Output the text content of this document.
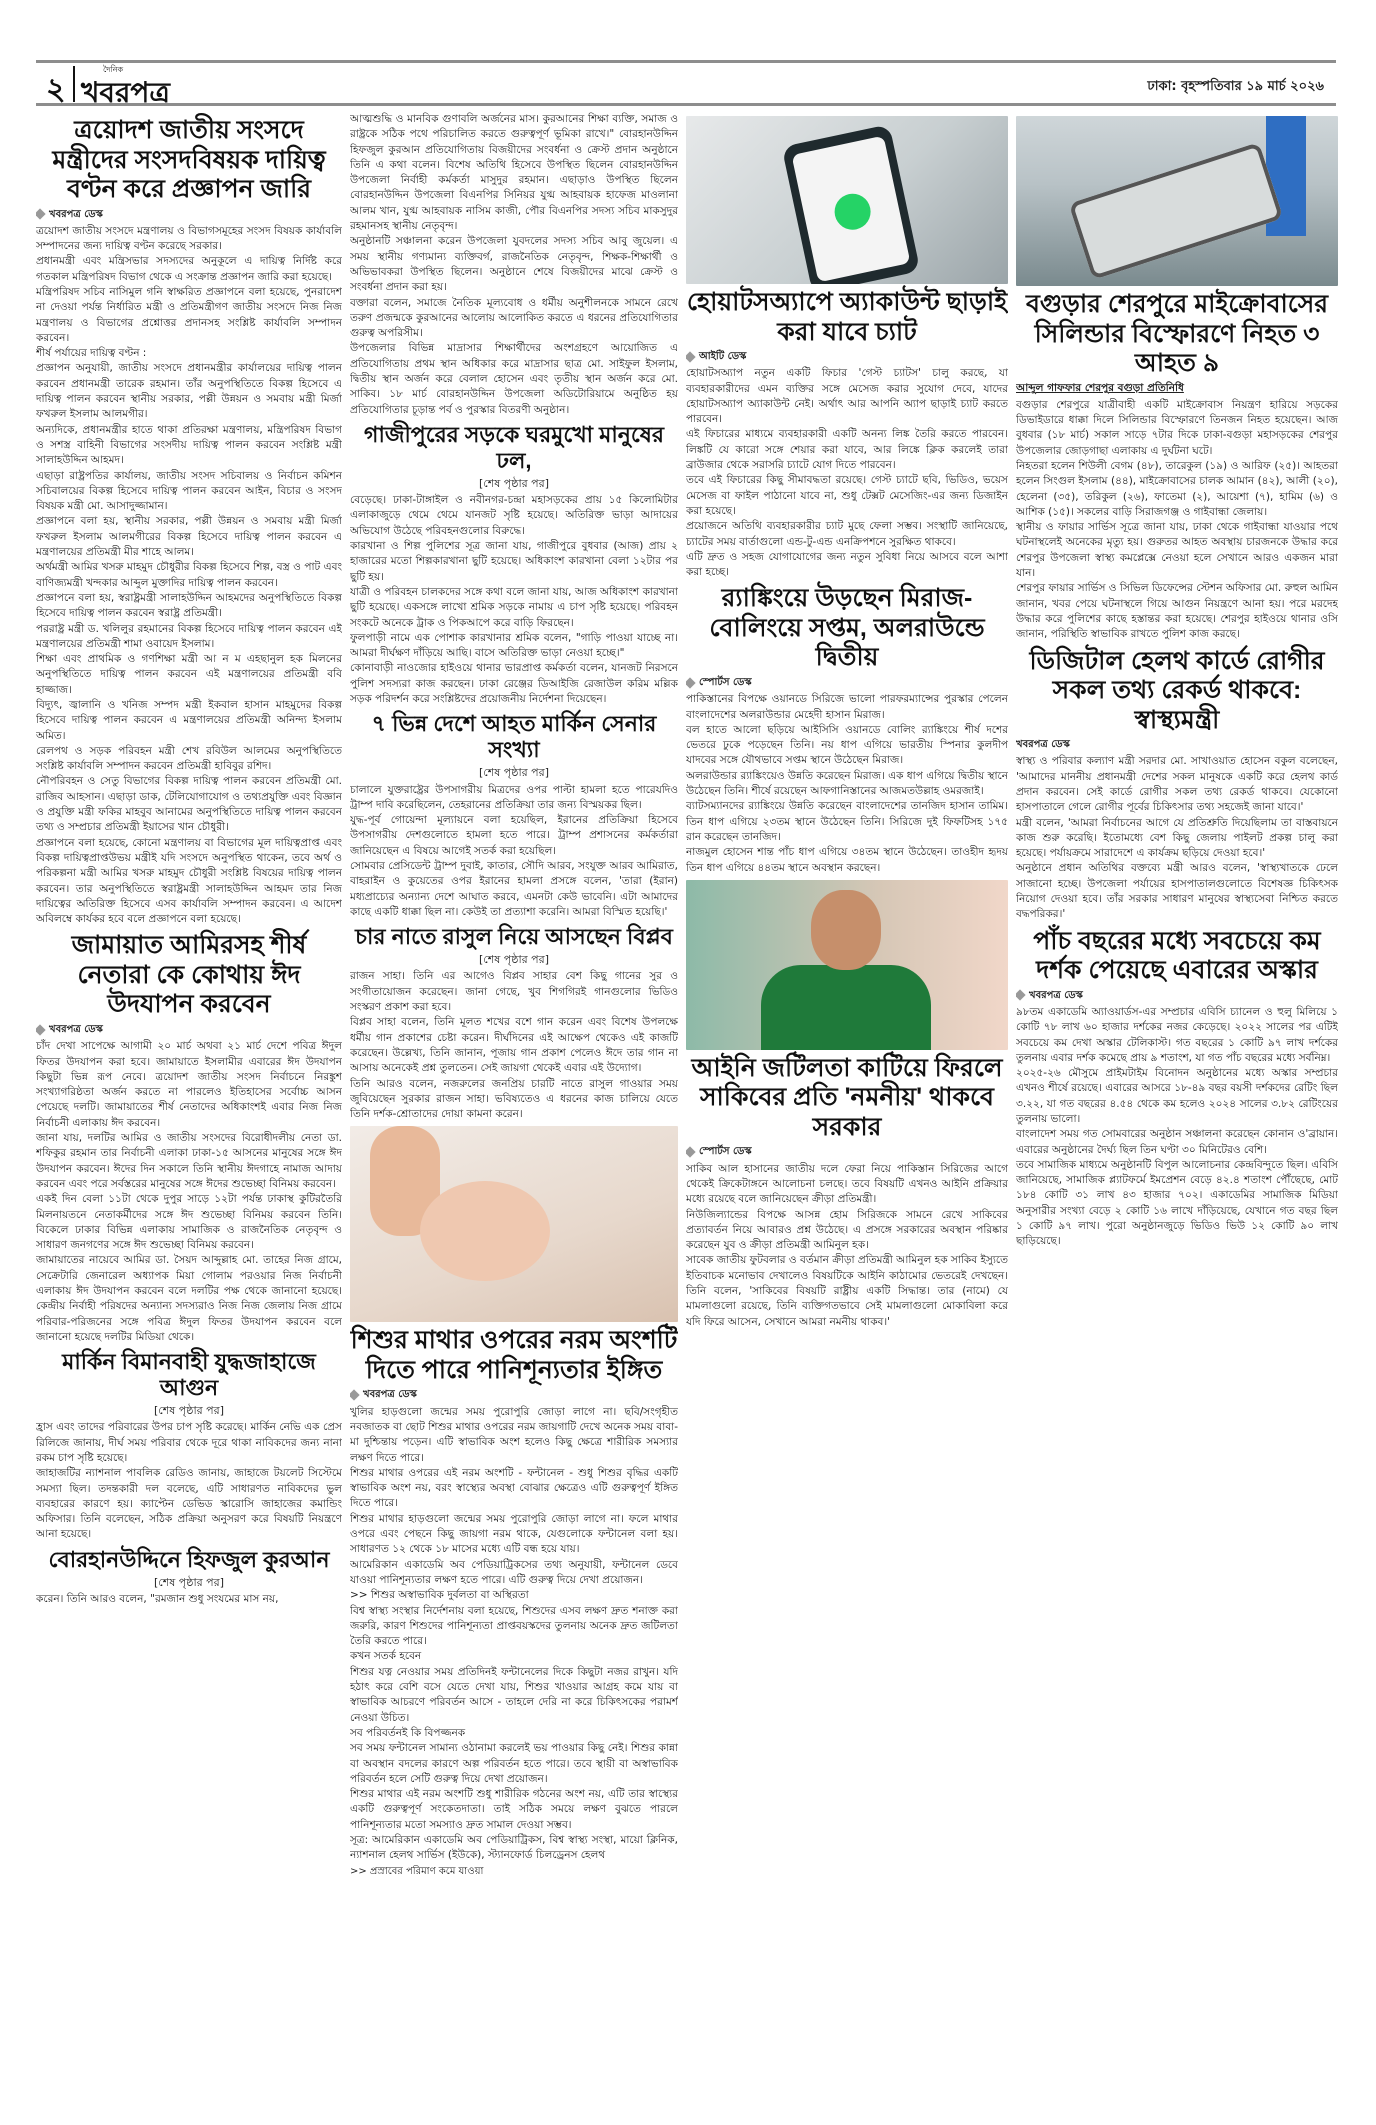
২
দৈনিক
খবরপত্র	ঢাকা: বৃহস্পতিবার ১৯ মার্চ ২০২৬
ত্রয়োদশ জাতীয় সংসদে মন্ত্রীদের সংসদবিষয়ক দায়িত্ব বণ্টন করে প্রজ্ঞাপন জারি
খবরপত্র ডেস্ক

ত্রয়োদশ জাতীয় সংসদে মন্ত্রণালয় ও বিভাগসমূহের সংসদ বিষয়ক কার্যাবলি সম্পাদনের জন্য দায়িত্ব বণ্টন করেছে সরকার।

প্রধানমন্ত্রী এবং মন্ত্রিসভার সদস্যদের অনুকূলে এ দায়িত্ব নির্দিষ্ট করে গতকাল মন্ত্রিপরিষদ বিভাগ থেকে এ সংক্রান্ত প্রজ্ঞাপন জারি করা হয়েছে।

মন্ত্রিপরিষদ সচিব নাসিমুল গনি স্বাক্ষরিত প্রজ্ঞাপনে বলা হয়েছে, পুনরাদেশ না দেওয়া পর্যন্ত নির্ধারিত মন্ত্রী ও প্রতিমন্ত্রীগণ জাতীয় সংসদে নিজ নিজ মন্ত্রণালয় ও বিভাগের প্রশ্নোত্তর প্রদানসহ সংশ্লিষ্ট কার্যাবলি সম্পাদন করবেন।

শীর্ষ পর্যায়ের দায়িত্ব বণ্টন :

প্রজ্ঞাপন অনুযায়ী, জাতীয় সংসদে প্রধানমন্ত্রীর কার্যালয়ের দায়িত্ব পালন করবেন প্রধানমন্ত্রী তারেক রহমান। তাঁর অনুপস্থিতিতে বিকল্প হিসেবে এ দায়িত্ব পালন করবেন স্থানীয় সরকার, পল্লী উন্নয়ন ও সমবায় মন্ত্রী মির্জা ফখরুল ইসলাম আলমগীর।

অন্যদিকে, প্রধানমন্ত্রীর হাতে থাকা প্রতিরক্ষা মন্ত্রণালয়, মন্ত্রিপরিষদ বিভাগ ও সশস্ত্র বাহিনী বিভাগের সংসদীয় দায়িত্ব পালন করবেন সংশ্লিষ্ট মন্ত্রী সালাহউদ্দিন আহমদ।

এছাড়া রাষ্ট্রপতির কার্যালয়, জাতীয় সংসদ সচিবালয় ও নির্বাচন কমিশন সচিবালয়ের বিকল্প হিসেবে দায়িত্ব পালন করবেন আইন, বিচার ও সংসদ বিষয়ক মন্ত্রী মো. আসাদুজ্জামান।

প্রজ্ঞাপনে বলা হয়, স্থানীয় সরকার, পল্লী উন্নয়ন ও সমবায় মন্ত্রী মির্জা ফখরুল ইসলাম আলমগীরের বিকল্প হিসেবে দায়িত্ব পালন করবেন এ মন্ত্রণালয়ের প্রতিমন্ত্রী মীর শাহে আলম।

অর্থমন্ত্রী আমির খসরু মাহমুদ চৌধুরীর বিকল্প হিসেবে শিল্প, বস্ত্র ও পাট এবং বাণিজ্যমন্ত্রী খন্দকার আব্দুল মুক্তাদির দায়িত্ব পালন করবেন।

প্রজ্ঞাপনে বলা হয়, স্বরাষ্ট্রমন্ত্রী সালাহউদ্দিন আহমদের অনুপস্থিতিতে বিকল্প হিসেবে দায়িত্ব পালন করবেন স্বরাষ্ট্র প্রতিমন্ত্রী।

পররাষ্ট্র মন্ত্রী ড. খলিলুর রহমানের বিকল্প হিসেবে দায়িত্ব পালন করবেন এই মন্ত্রণালয়ের প্রতিমন্ত্রী শামা ওবায়েদ ইসলাম।

শিক্ষা এবং প্রাথমিক ও গণশিক্ষা মন্ত্রী আ ন ম এহছানুল হক মিলনের অনুপস্থিতিতে দায়িত্ব পালন করবেন এই মন্ত্রণালয়ের প্রতিমন্ত্রী ববি হাজ্জাজ।

বিদ্যুৎ, জ্বালানি ও খনিজ সম্পদ মন্ত্রী ইকবাল হাসান মাহমুদের বিকল্প হিসেবে দায়িত্ব পালন করবেন এ মন্ত্রণালয়ের প্রতিমন্ত্রী অনিন্দ্য ইসলাম অমিত।

রেলপথ ও সড়ক পরিবহন মন্ত্রী শেখ রবিউল আলমের অনুপস্থিতিতে সংশ্লিষ্ট কার্যাবলি সম্পাদন করবেন প্রতিমন্ত্রী হাবিবুর রশিদ।

নৌপরিবহন ও সেতু বিভাগের বিকল্প দায়িত্ব পালন করবেন প্রতিমন্ত্রী মো. রাজিব আহসান। এছাড়া ডাক, টেলিযোগাযোগ ও তথ্যপ্রযুক্তি এবং বিজ্ঞান ও প্রযুক্তি মন্ত্রী ফকির মাহবুব আনামের অনুপস্থিতিতে দায়িত্ব পালন করবেন তথ্য ও সম্প্রচার প্রতিমন্ত্রী ইয়াসের খান চৌধুরী।

প্রজ্ঞাপনে বলা হয়েছে, কোনো মন্ত্রণালয় বা বিভাগের মূল দায়িত্বপ্রাপ্ত এবং বিকল্প দায়িত্বপ্রাপ্তউভয় মন্ত্রীই যদি সংসদে অনুপস্থিত থাকেন, তবে অর্থ ও পরিকল্পনা মন্ত্রী আমির খসরু মাহমুদ চৌধুরী সংশ্লিষ্ট বিষয়ের দায়িত্ব পালন করবেন। তার অনুপস্থিতিতে স্বরাষ্ট্রমন্ত্রী সালাহউদ্দিন আহমদ তার নিজ দায়িত্বের অতিরিক্ত হিসেবে এসব কার্যাবলি সম্পাদন করবেন। এ আদেশ অবিলম্বে কার্যকর হবে বলে প্রজ্ঞাপনে বলা হয়েছে।

জামায়াত আমিরসহ শীর্ষ নেতারা কে কোথায় ঈদ উদযাপন করবেন
খবরপত্র ডেস্ক

চাঁদ দেখা সাপেক্ষে আগামী ২০ মার্চ অথবা ২১ মার্চ দেশে পবিত্র ঈদুল ফিতর উদযাপন করা হবে। জামায়াতে ইসলামীর এবারের ঈদ উদযাপন কিছুটা ভিন্ন রূপ নেবে। ত্রয়োদশ জাতীয় সংসদ নির্বাচনে নিরঙ্কুশ সংখ্যাগরিষ্ঠতা অর্জন করতে না পারলেও ইতিহাসের সর্বোচ্চ আসন পেয়েছে দলটি। জামায়াতের শীর্ষ নেতাদের অধিকাংশই এবার নিজ নিজ নির্বাচনী এলাকায় ঈদ করবেন।

জানা যায়, দলটির আমির ও জাতীয় সংসদের বিরোধীদলীয় নেতা ডা. শফিকুর রহমান তার নির্বাচনী এলাকা ঢাকা-১৫ আসনের মানুষের সঙ্গে ঈদ উদযাপন করবেন। ঈদের দিন সকালে তিনি স্থানীয় ঈদগাহে নামাজ আদায় করবেন এবং পরে সর্বস্তরের মানুষের সঙ্গে ঈদের শুভেচ্ছা বিনিময় করবেন।

একই দিন বেলা ১১টা থেকে দুপুর সাড়ে ১২টা পর্যন্ত ঢাকাস্থ কুটিরতৈরি মিলনায়তনে নেতাকর্মীদের সঙ্গে ঈদ শুভেচ্ছা বিনিময় করবেন তিনি। বিকেলে ঢাকার বিভিন্ন এলাকায় সামাজিক ও রাজনৈতিক নেতৃবৃন্দ ও সাধারণ জনগণের সঙ্গে ঈদ শুভেচ্ছা বিনিময় করবেন।

জামায়াতের নায়েবে আমির ডা. সৈয়দ আব্দুল্লাহ মো. তাহের নিজ গ্রামে, সেক্রেটারি জেনারেল অধ্যাপক মিয়া গোলাম পরওয়ার নিজ নির্বাচনী এলাকায় ঈদ উদযাপন করবেন বলে দলটির পক্ষ থেকে জানানো হয়েছে। কেন্দ্রীয় নির্বাহী পরিষদের অন্যান্য সদস্যরাও নিজ নিজ জেলায় নিজ গ্রামে পরিবার-পরিজনের সঙ্গে পবিত্র ঈদুল ফিতর উদযাপন করবেন বলে জানানো হয়েছে দলটির মিডিয়া থেকে।

মার্কিন বিমানবাহী যুদ্ধজাহাজে আগুন
[শেষ পৃষ্ঠার পর]

হ্রাস এবং তাদের পরিবারের উপর চাপ সৃষ্টি করেছে। মার্কিন নেভি এক প্রেস রিলিজে জানায়, দীর্ঘ সময় পরিবার থেকে দূরে থাকা নাবিকদের জন্য নানা রকম চাপ সৃষ্টি হয়েছে।

জাহাজটির ন্যাশনাল পাবলিক রেডিও জানায়, জাহাজে টয়লেট সিস্টেমে সমস্যা ছিল। তদন্তকারী দল বলেছে, এটি সাধারণত নাবিকদের ভুল ব্যবহারের কারণে হয়। ক্যাপ্টেন ডেভিড স্কারোসি জাহাজের কমান্ডিং অফিসার। তিনি বলেছেন, সঠিক প্রক্রিয়া অনুসরণ করে বিষয়টি নিয়ন্ত্রণে আনা হয়েছে।

বোরহানউদ্দিনে হিফজুল কুরআন
[শেষ পৃষ্ঠার পর]

করেন। তিনি আরও বলেন, "রমজান শুধু সংযমের মাস নয়,

আত্মশুদ্ধি ও মানবিক গুণাবলি অর্জনের মাস। কুরআনের শিক্ষা ব্যক্তি, সমাজ ও রাষ্ট্রকে সঠিক পথে পরিচালিত করতে গুরুত্বপূর্ণ ভূমিকা রাখে।" বোরহানউদ্দিন হিফজুল কুরআন প্রতিযোগিতায় বিজয়ীদের সংবর্ধনা ও ক্রেস্ট প্রদান অনুষ্ঠানে তিনি এ কথা বলেন। বিশেষ অতিথি হিসেবে উপস্থিত ছিলেন বোরহানউদ্দিন উপজেলা নির্বাহী কর্মকর্তা মাসুদুর রহমান। এছাড়াও উপস্থিত ছিলেন বোরহানউদ্দিন উপজেলা বিএনপির সিনিয়র যুগ্ম আহবায়ক হাফেজ মাওলানা আলম খান, যুগ্ম আহবায়ক নাসিম কাজী, পৌর বিএনপির সদস্য সচিব মাকসুদুর রহমানসহ স্থানীয় নেতৃবৃন্দ।

অনুষ্ঠানটি সঞ্চালনা করেন উপজেলা যুবদলের সদস্য সচিব আবু জুয়েল। এ সময় স্থানীয় গণ্যমান্য ব্যক্তিবর্গ, রাজনৈতিক নেতৃবৃন্দ, শিক্ষক-শিক্ষার্থী ও অভিভাবকরা উপস্থিত ছিলেন। অনুষ্ঠানে শেষে বিজয়ীদের মাঝে ক্রেস্ট ও সংবর্ধনা প্রদান করা হয়।

বক্তারা বলেন, সমাজে নৈতিক মূল্যবোধ ও ধর্মীয় অনুশীলনকে সামনে রেখে তরুণ প্রজন্মকে কুরআনের আলোয় আলোকিত করতে এ ধরনের প্রতিযোগিতার গুরুত্ব অপরিসীম।

উপজেলার বিভিন্ন মাদ্রাসার শিক্ষার্থীদের অংশগ্রহণে আয়োজিত এ প্রতিযোগিতায় প্রথম স্থান অধিকার করে মাদ্রাসার ছাত্র মো. সাইফুল ইসলাম, দ্বিতীয় স্থান অর্জন করে বেলাল হোসেন এবং তৃতীয় স্থান অর্জন করে মো. সাকিব। ১৮ মার্চ বোরহানউদ্দিন উপজেলা অডিটোরিয়ামে অনুষ্ঠিত হয় প্রতিযোগিতার চূড়ান্ত পর্ব ও পুরস্কার বিতরণী অনুষ্ঠান।

গাজীপুরের সড়কে ঘরমুখো মানুষের ঢল,
[শেষ পৃষ্ঠার পর]

বেড়েছে। ঢাকা-টাঙ্গাইল ও নবীনগর-চন্দ্রা মহাসড়কের প্রায় ১৫ কিলোমিটার এলাকাজুড়ে থেমে থেমে যানজট সৃষ্টি হয়েছে। অতিরিক্ত ভাড়া আদায়ের অভিযোগ উঠেছে পরিবহনগুলোর বিরুদ্ধে।

কারখানা ও শিল্প পুলিশের সূত্র জানা যায়, গাজীপুরে বুধবার (আজ) প্রায় ২ হাজারের মতো শিল্পকারখানা ছুটি হয়েছে। অধিকাংশ কারখানা বেলা ১২টার পর ছুটি হয়।

যাত্রী ও পরিবহন চালকদের সঙ্গে কথা বলে জানা যায়, আজ অধিকাংশ কারখানা ছুটি হয়েছে। একসঙ্গে লাখো শ্রমিক সড়কে নামায় এ চাপ সৃষ্টি হয়েছে। পরিবহন সংকটে অনেকে ট্রাক ও পিকআপে করে বাড়ি ফিরছেন।

ফুলপাড়ী নামে এক পোশাক কারখানার শ্রমিক বলেন, "গাড়ি পাওয়া যাচ্ছে না। আমরা দীর্ঘক্ষণ দাঁড়িয়ে আছি। বাসে অতিরিক্ত ভাড়া নেওয়া হচ্ছে।"

কোনাবাড়ী নাওজোর হাইওয়ে থানার ভারপ্রাপ্ত কর্মকর্তা বলেন, যানজট নিরসনে পুলিশ সদস্যরা কাজ করছেন। ঢাকা রেঞ্জের ডিআইজি রেজাউল করিম মল্লিক সড়ক পরিদর্শন করে সংশ্লিষ্টদের প্রয়োজনীয় নির্দেশনা দিয়েছেন।

৭ ভিন্ন দেশে আহত মার্কিন সেনার সংখ্যা
[শেষ পৃষ্ঠার পর]

চালালে যুক্তরাষ্ট্রের উপসাগরীয় মিত্রদের ওপর পাল্টা হামলা হতে পারেযদিও ট্রাম্প দাবি করেছিলেন, তেহরানের প্রতিক্রিয়া তার জন্য বিস্ময়কর ছিল।

যুদ্ধ-পূর্ব গোয়েন্দা মূল্যায়নে বলা হয়েছিল, ইরানের প্রতিক্রিয়া হিসেবে উপসাগরীয় দেশগুলোতে হামলা হতে পারে। ট্রাম্প প্রশাসনের কর্মকর্তারা জানিয়েছেন এ বিষয়ে আগেই সতর্ক করা হয়েছিল।

সোমবার প্রেসিডেন্ট ট্রাম্প দুবাই, কাতার, সৌদি আরব, সংযুক্ত আরব আমিরাত, বাহরাইন ও কুয়েতের ওপর ইরানের হামলা প্রসঙ্গে বলেন, 'তারা (ইরান) মধ্যপ্রাচ্যের অন্যান্য দেশে আঘাত করবে, এমনটা কেউ ভাবেনি। এটা আমাদের কাছে একটি ধাক্কা ছিল না। কেউই তা প্রত্যাশা করেনি। আমরা বিস্মিত হয়েছি।'

চার নাতে রাসুল নিয়ে আসছেন বিপ্লব
[শেষ পৃষ্ঠার পর]

রাজন সাহা। তিনি এর আগেও বিপ্লব সাহার বেশ কিছু গানের সুর ও সংগীতায়োজন করেছেন। জানা গেছে, খুব শিগগিরই গানগুলোর ভিডিও সংস্করণ প্রকাশ করা হবে।

বিপ্লব সাহা বলেন, তিনি মূলত শখের বশে গান করেন এবং বিশেষ উপলক্ষে ধর্মীয় গান প্রকাশের চেষ্টা করেন। দীর্ঘদিনের এই আক্ষেপ থেকেও এই কাজটি করেছেন। উল্লেখ্য, তিনি জানান, পূজায় গান প্রকাশ পেলেও ঈদে তার গান না আসায় অনেকেই প্রশ্ন তুলতেন। সেই জায়গা থেকেই এবার এই উদ্যোগ।

তিনি আরও বলেন, নজরুলের জনপ্রিয় চারটি নাতে রাসুল গাওয়ার সময় জুবিয়েছেন সুরকার রাজন সাহা। ভবিষ্যতেও এ ধরনের কাজ চালিয়ে যেতে তিনি দর্শক-শ্রোতাদের দোয়া কামনা করেন।

শিশুর মাথার ওপরের নরম অংশটি দিতে পারে পানিশূন্যতার ইঙ্গিত
খবরপত্র ডেস্ক

খুলির হাড়গুলো জন্মের সময় পুরোপুরি জোড়া লাগে না। ছবি/সংগৃহীত নবজাতক বা ছোট শিশুর মাথার ওপরের নরম জায়গাটি দেখে অনেক সময় বাবা-মা দুশ্চিন্তায় পড়েন। এটি স্বাভাবিক অংশ হলেও কিছু ক্ষেত্রে শারীরিক সমস্যার লক্ষণ দিতে পারে।

শিশুর মাথার ওপরের এই নরম অংশটি - ফন্টানেল - শুধু শিশুর বৃদ্ধির একটি স্বাভাবিক অংশ নয়, বরং স্বাস্থ্যের অবস্থা বোঝার ক্ষেত্রেও এটি গুরুত্বপূর্ণ ইঙ্গিত দিতে পারে।

শিশুর মাথার হাড়গুলো জন্মের সময় পুরোপুরি জোড়া লাগে না। ফলে মাথার ওপরে এবং পেছনে কিছু জায়গা নরম থাকে, যেগুলোকে ফন্টানেল বলা হয়। সাধারণত ১২ থেকে ১৮ মাসের মধ্যে এটি বন্ধ হয়ে যায়।

আমেরিকান একাডেমি অব পেডিয়াট্রিকসের তথ্য অনুযায়ী, ফন্টানেল ডেবে যাওয়া পানিশূন্যতার লক্ষণ হতে পারে। এটি গুরুত্ব দিয়ে দেখা প্রয়োজন।

>> শিশুর অস্বাভাবিক দুর্বলতা বা অস্থিরতা

বিশ্ব স্বাস্থ্য সংস্থার নির্দেশনায় বলা হয়েছে, শিশুদের এসব লক্ষণ দ্রুত শনাক্ত করা জরুরি, কারণ শিশুদের পানিশূন্যতা প্রাপ্তবয়স্কদের তুলনায় অনেক দ্রুত জটিলতা তৈরি করতে পারে।

কখন সতর্ক হবেন

শিশুর যত্ন নেওয়ার সময় প্রতিদিনই ফন্টানেলের দিকে কিছুটা নজর রাখুন। যদি হঠাৎ করে বেশি বসে যেতে দেখা যায়, শিশুর খাওয়ার আগ্রহ কমে যায় বা স্বাভাবিক আচরণে পরিবর্তন আসে - তাহলে দেরি না করে চিকিৎসকের পরামর্শ নেওয়া উচিত।

সব পরিবর্তনই কি বিপজ্জনক

সব সময় ফন্টানেল সামান্য ওঠানামা করলেই ভয় পাওয়ার কিছু নেই। শিশুর কান্না বা অবস্থান বদলের কারণে অল্প পরিবর্তন হতে পারে। তবে স্থায়ী বা অস্বাভাবিক পরিবর্তন হলে সেটি গুরুত্ব দিয়ে দেখা প্রয়োজন।

শিশুর মাথার এই নরম অংশটি শুধু শারীরিক গঠনের অংশ নয়, এটি তার স্বাস্থ্যের একটি গুরুত্বপূর্ণ সংকেতদাতা। তাই সঠিক সময়ে লক্ষণ বুঝতে পারলে পানিশূন্যতার মতো সমস্যাও দ্রুত সামাল দেওয়া সম্ভব।

সূত্র: আমেরিকান একাডেমি অব পেডিয়াট্রিকস, বিশ্ব স্বাস্থ্য সংস্থা, মায়ো ক্লিনিক, ন্যাশনাল হেলথ সার্ভিস (ইউকে), স্ট্যানফোর্ড চিলড্রেনস হেলথ

>> প্রস্রাবের পরিমাণ কমে যাওয়া

হোয়াটসঅ্যাপে অ্যাকাউন্ট ছাড়াই করা যাবে চ্যাট
আইটি ডেস্ক

হোয়াটসঅ্যাপ নতুন একটি ফিচার 'গেস্ট চ্যাটস' চালু করছে, যা ব্যবহারকারীদের এমন ব্যক্তির সঙ্গে মেসেজ করার সুযোগ দেবে, যাদের হোয়াটসঅ্যাপ অ্যাকাউন্ট নেই। অর্থাৎ আর আপনি অ্যাপ ছাড়াই চ্যাট করতে পারবেন।

এই ফিচারের মাধ্যমে ব্যবহারকারী একটি অনন্য লিঙ্ক তৈরি করতে পারবেন। লিঙ্কটি যে কারো সঙ্গে শেয়ার করা যাবে, আর লিঙ্কে ক্লিক করলেই তারা ব্রাউজার থেকে সরাসরি চ্যাটে যোগ দিতে পারবেন।

তবে এই ফিচারের কিছু সীমাবদ্ধতা রয়েছে। গেস্ট চ্যাটে ছবি, ভিডিও, ভয়েস মেসেজ বা ফাইল পাঠানো যাবে না, শুধু টেক্সট মেসেজিং-এর জন্য ডিজাইন করা হয়েছে।

প্রয়োজনে অতিথি ব্যবহারকারীর চ্যাট মুছে ফেলা সম্ভব। সংস্থাটি জানিয়েছে, চ্যাটের সময় বার্তাগুলো এন্ড-টু-এন্ড এনক্রিপশনে সুরক্ষিত থাকবে।

এটি দ্রুত ও সহজ যোগাযোগের জন্য নতুন সুবিধা নিয়ে আসবে বলে আশা করা হচ্ছে।

র‍্যাঙ্কিংয়ে উড়ছেন মিরাজ-বোলিংয়ে সপ্তম, অলরাউন্ডে দ্বিতীয়
স্পোর্টস ডেস্ক

পাকিস্তানের বিপক্ষে ওয়ানডে সিরিজে ভালো পারফরম্যান্সের পুরস্কার পেলেন বাংলাদেশের অলরাউন্ডার মেহেদী হাসান মিরাজ।

বল হাতে আলো ছড়িয়ে আইসিসি ওয়ানডে বোলিং র‍্যাঙ্কিংয়ে শীর্ষ দশের ভেতরে ঢুকে পড়েছেন তিনি। নয় ধাপ এগিয়ে ভারতীয় স্পিনার কুলদীপ যাদবের সঙ্গে যৌথভাবে সপ্তম স্থানে উঠেছেন মিরাজ।

অলরাউন্ডার র‍্যাঙ্কিংয়েও উন্নতি করেছেন মিরাজ। এক ধাপ এগিয়ে দ্বিতীয় স্থানে উঠেছেন তিনি। শীর্ষে রয়েছেন আফগানিস্তানের আজমতউল্লাহ ওমরজাই।

ব্যাটসম্যানদের র‍্যাঙ্কিংয়ে উন্নতি করেছেন বাংলাদেশের তানজিদ হাসান তামিম। তিন ধাপ এগিয়ে ২৩তম স্থানে উঠেছেন তিনি। সিরিজে দুই ফিফটিসহ ১৭৫ রান করেছেন তানজিদ।

নাজমুল হোসেন শান্ত পাঁচ ধাপ এগিয়ে ৩৪তম স্থানে উঠেছেন। তাওহীদ হৃদয় তিন ধাপ এগিয়ে ৪৪তম স্থানে অবস্থান করছেন।

আইনি জটিলতা কাটিয়ে ফিরলে সাকিবের প্রতি 'নমনীয়' থাকবে সরকার
স্পোর্টস ডেস্ক

সাকিব আল হাসানের জাতীয় দলে ফেরা নিয়ে পাকিস্তান সিরিজের আগে থেকেই ক্রিকেটাঙ্গনে আলোচনা চলছে। তবে বিষয়টি এখনও আইনি প্রক্রিয়ার মধ্যে রয়েছে বলে জানিয়েছেন ক্রীড়া প্রতিমন্ত্রী।

নিউজিল্যান্ডের বিপক্ষে আসন্ন হোম সিরিজকে সামনে রেখে সাকিবের প্রত্যাবর্তন নিয়ে আবারও প্রশ্ন উঠেছে। এ প্রসঙ্গে সরকারের অবস্থান পরিষ্কার করেছেন যুব ও ক্রীড়া প্রতিমন্ত্রী আমিনুল হক।

সাবেক জাতীয় ফুটবলার ও বর্তমান ক্রীড়া প্রতিমন্ত্রী আমিনুল হক সাকিব ইস্যুতে ইতিবাচক মনোভাব দেখালেও বিষয়টিকে আইনি কাঠামোর ভেতরেই দেখছেন। তিনি বলেন, 'সাকিবের বিষয়টি রাষ্ট্রীয় একটি সিদ্ধান্ত। তার (নামে) যে মামলাগুলো রয়েছে, তিনি ব্যক্তিগতভাবে সেই মামলাগুলো মোকাবিলা করে যদি ফিরে আসেন, সেখানে আমরা নমনীয় থাকব।'

বগুড়ার শেরপুরে মাইক্রোবাসের সিলিন্ডার বিস্ফোরণে নিহত ৩ আহত ৯
আব্দুল গাফফার শেরপুর বগুড়া প্রতিনিধি

বগুড়ার শেরপুরে যাত্রীবাহী একটি মাইক্রোবাস নিয়ন্ত্রণ হারিয়ে সড়কের ডিভাইডারে ধাক্কা দিলে সিলিন্ডার বিস্ফোরণে তিনজন নিহত হয়েছেন। আজ বুধবার (১৮ মার্চ) সকাল সাড়ে ৭টার দিকে ঢাকা-বগুড়া মহাসড়কের শেরপুর উপজেলার জোড়গাছা এলাকায় এ দুর্ঘটনা ঘটে।

নিহতরা হলেন শিউলী বেগম (৪৮), তারেকুল (১৯) ও আরিফ (২৫)। আহতরা হলেন সিংগুল ইসলাম (৪৪), মাইক্রোবাসের চালক আমান (৪২), আলী (২০), হেলেনা (৩৫), তরিকুল (২৬), ফাতেমা (২), আয়েশা (৭), হামিম (৬) ও আশিক (১৫)। সকলের বাড়ি সিরাজগঞ্জ ও গাইবান্ধা জেলায়।

স্থানীয় ও ফায়ার সার্ভিস সূত্রে জানা যায়, ঢাকা থেকে গাইবান্ধা যাওয়ার পথে ঘটনাস্থলেই অনেকের মৃত্যু হয়। গুরুতর আহত অবস্থায় চারজনকে উদ্ধার করে শেরপুর উপজেলা স্বাস্থ্য কমপ্লেক্সে নেওয়া হলে সেখানে আরও একজন মারা যান।

শেরপুর ফায়ার সার্ভিস ও সিভিল ডিফেন্সের স্টেশন অফিসার মো. রুহুল আমিন জানান, খবর পেয়ে ঘটনাস্থলে গিয়ে আগুন নিয়ন্ত্রণে আনা হয়। পরে মরদেহ উদ্ধার করে পুলিশের কাছে হস্তান্তর করা হয়েছে। শেরপুর হাইওয়ে থানার ওসি জানান, পরিস্থিতি স্বাভাবিক রাখতে পুলিশ কাজ করছে।

ডিজিটাল হেলথ কার্ডে রোগীর সকল তথ্য রেকর্ড থাকবে: স্বাস্থ্যমন্ত্রী
খবরপত্র ডেস্ক

স্বাস্থ্য ও পরিবার কল্যাণ মন্ত্রী সরদার মো. সাখাওয়াত হোসেন বকুল বলেছেন, 'আমাদের মাননীয় প্রধানমন্ত্রী দেশের সকল মানুষকে একটি করে হেলথ কার্ড প্রদান করবেন। সেই কার্ডে রোগীর সকল তথ্য রেকর্ড থাকবে। যেকোনো হাসপাতালে গেলে রোগীর পূর্বের চিকিৎসার তথ্য সহজেই জানা যাবে।'

মন্ত্রী বলেন, 'আমরা নির্বাচনের আগে যে প্রতিশ্রুতি দিয়েছিলাম তা বাস্তবায়নে কাজ শুরু করেছি। ইতোমধ্যে বেশ কিছু জেলায় পাইলট প্রকল্প চালু করা হয়েছে। পর্যায়ক্রমে সারাদেশে এ কার্যক্রম ছড়িয়ে দেওয়া হবে।'

অনুষ্ঠানে প্রধান অতিথির বক্তব্যে মন্ত্রী আরও বলেন, 'স্বাস্থ্যখাতকে ঢেলে সাজানো হচ্ছে। উপজেলা পর্যায়ের হাসপাতালগুলোতে বিশেষজ্ঞ চিকিৎসক নিয়োগ দেওয়া হবে। তাঁর সরকার সাধারণ মানুষের স্বাস্থ্যসেবা নিশ্চিত করতে বদ্ধপরিকর।'

পাঁচ বছরের মধ্যে সবচেয়ে কম দর্শক পেয়েছে এবারের অস্কার
খবরপত্র ডেস্ক

৯৮তম একাডেমি অ্যাওয়ার্ডস-এর সম্প্রচার এবিসি চ্যানেল ও হুলু মিলিয়ে ১ কোটি ৭৮ লাখ ৬০ হাজার দর্শকের নজর কেড়েছে। ২০২২ সালের পর এটিই সবচেয়ে কম দেখা অস্কার টেলিকাস্ট। গত বছরের ১ কোটি ৯৭ লাখ দর্শকের তুলনায় এবার দর্শক কমেছে প্রায় ৯ শতাংশ, যা গত পাঁচ বছরের মধ্যে সর্বনিম্ন।

২০২৫-২৬ মৌসুমে প্রাইমটাইম বিনোদন অনুষ্ঠানের মধ্যে অস্কার সম্প্রচার এখনও শীর্ষে রয়েছে। এবারের আসরে ১৮-৪৯ বছর বয়সী দর্শকদের রেটিং ছিল ৩.২২, যা গত বছরের ৪.৫৪ থেকে কম হলেও ২০২৪ সালের ৩.৮২ রেটিংয়ের তুলনায় ভালো।

বাংলাদেশ সময় গত সোমবারের অনুষ্ঠান সঞ্চালনা করেছেন কোনান ও'ব্রায়ান। এবারের অনুষ্ঠানের দৈর্ঘ্য ছিল তিন ঘণ্টা ৩০ মিনিটেরও বেশি।

তবে সামাজিক মাধ্যমে অনুষ্ঠানটি বিপুল আলোচনার কেন্দ্রবিন্দুতে ছিল। এবিসি জানিয়েছে, সামাজিক প্ল্যাটফর্মে ইমপ্রেশন বেড়ে ৪২.৪ শতাংশ পৌঁছেছে, মোট ১৮৪ কোটি ৩১ লাখ ৪৩ হাজার ৭০২। একাডেমির সামাজিক মিডিয়া অনুসারীর সংখ্যা বেড়ে ২ কোটি ১৬ লাখে দাঁড়িয়েছে, যেখানে গত বছর ছিল ১ কোটি ৯৭ লাখ। পুরো অনুষ্ঠানজুড়ে ভিডিও ভিউ ১২ কোটি ৯০ লাখ ছাড়িয়েছে।
